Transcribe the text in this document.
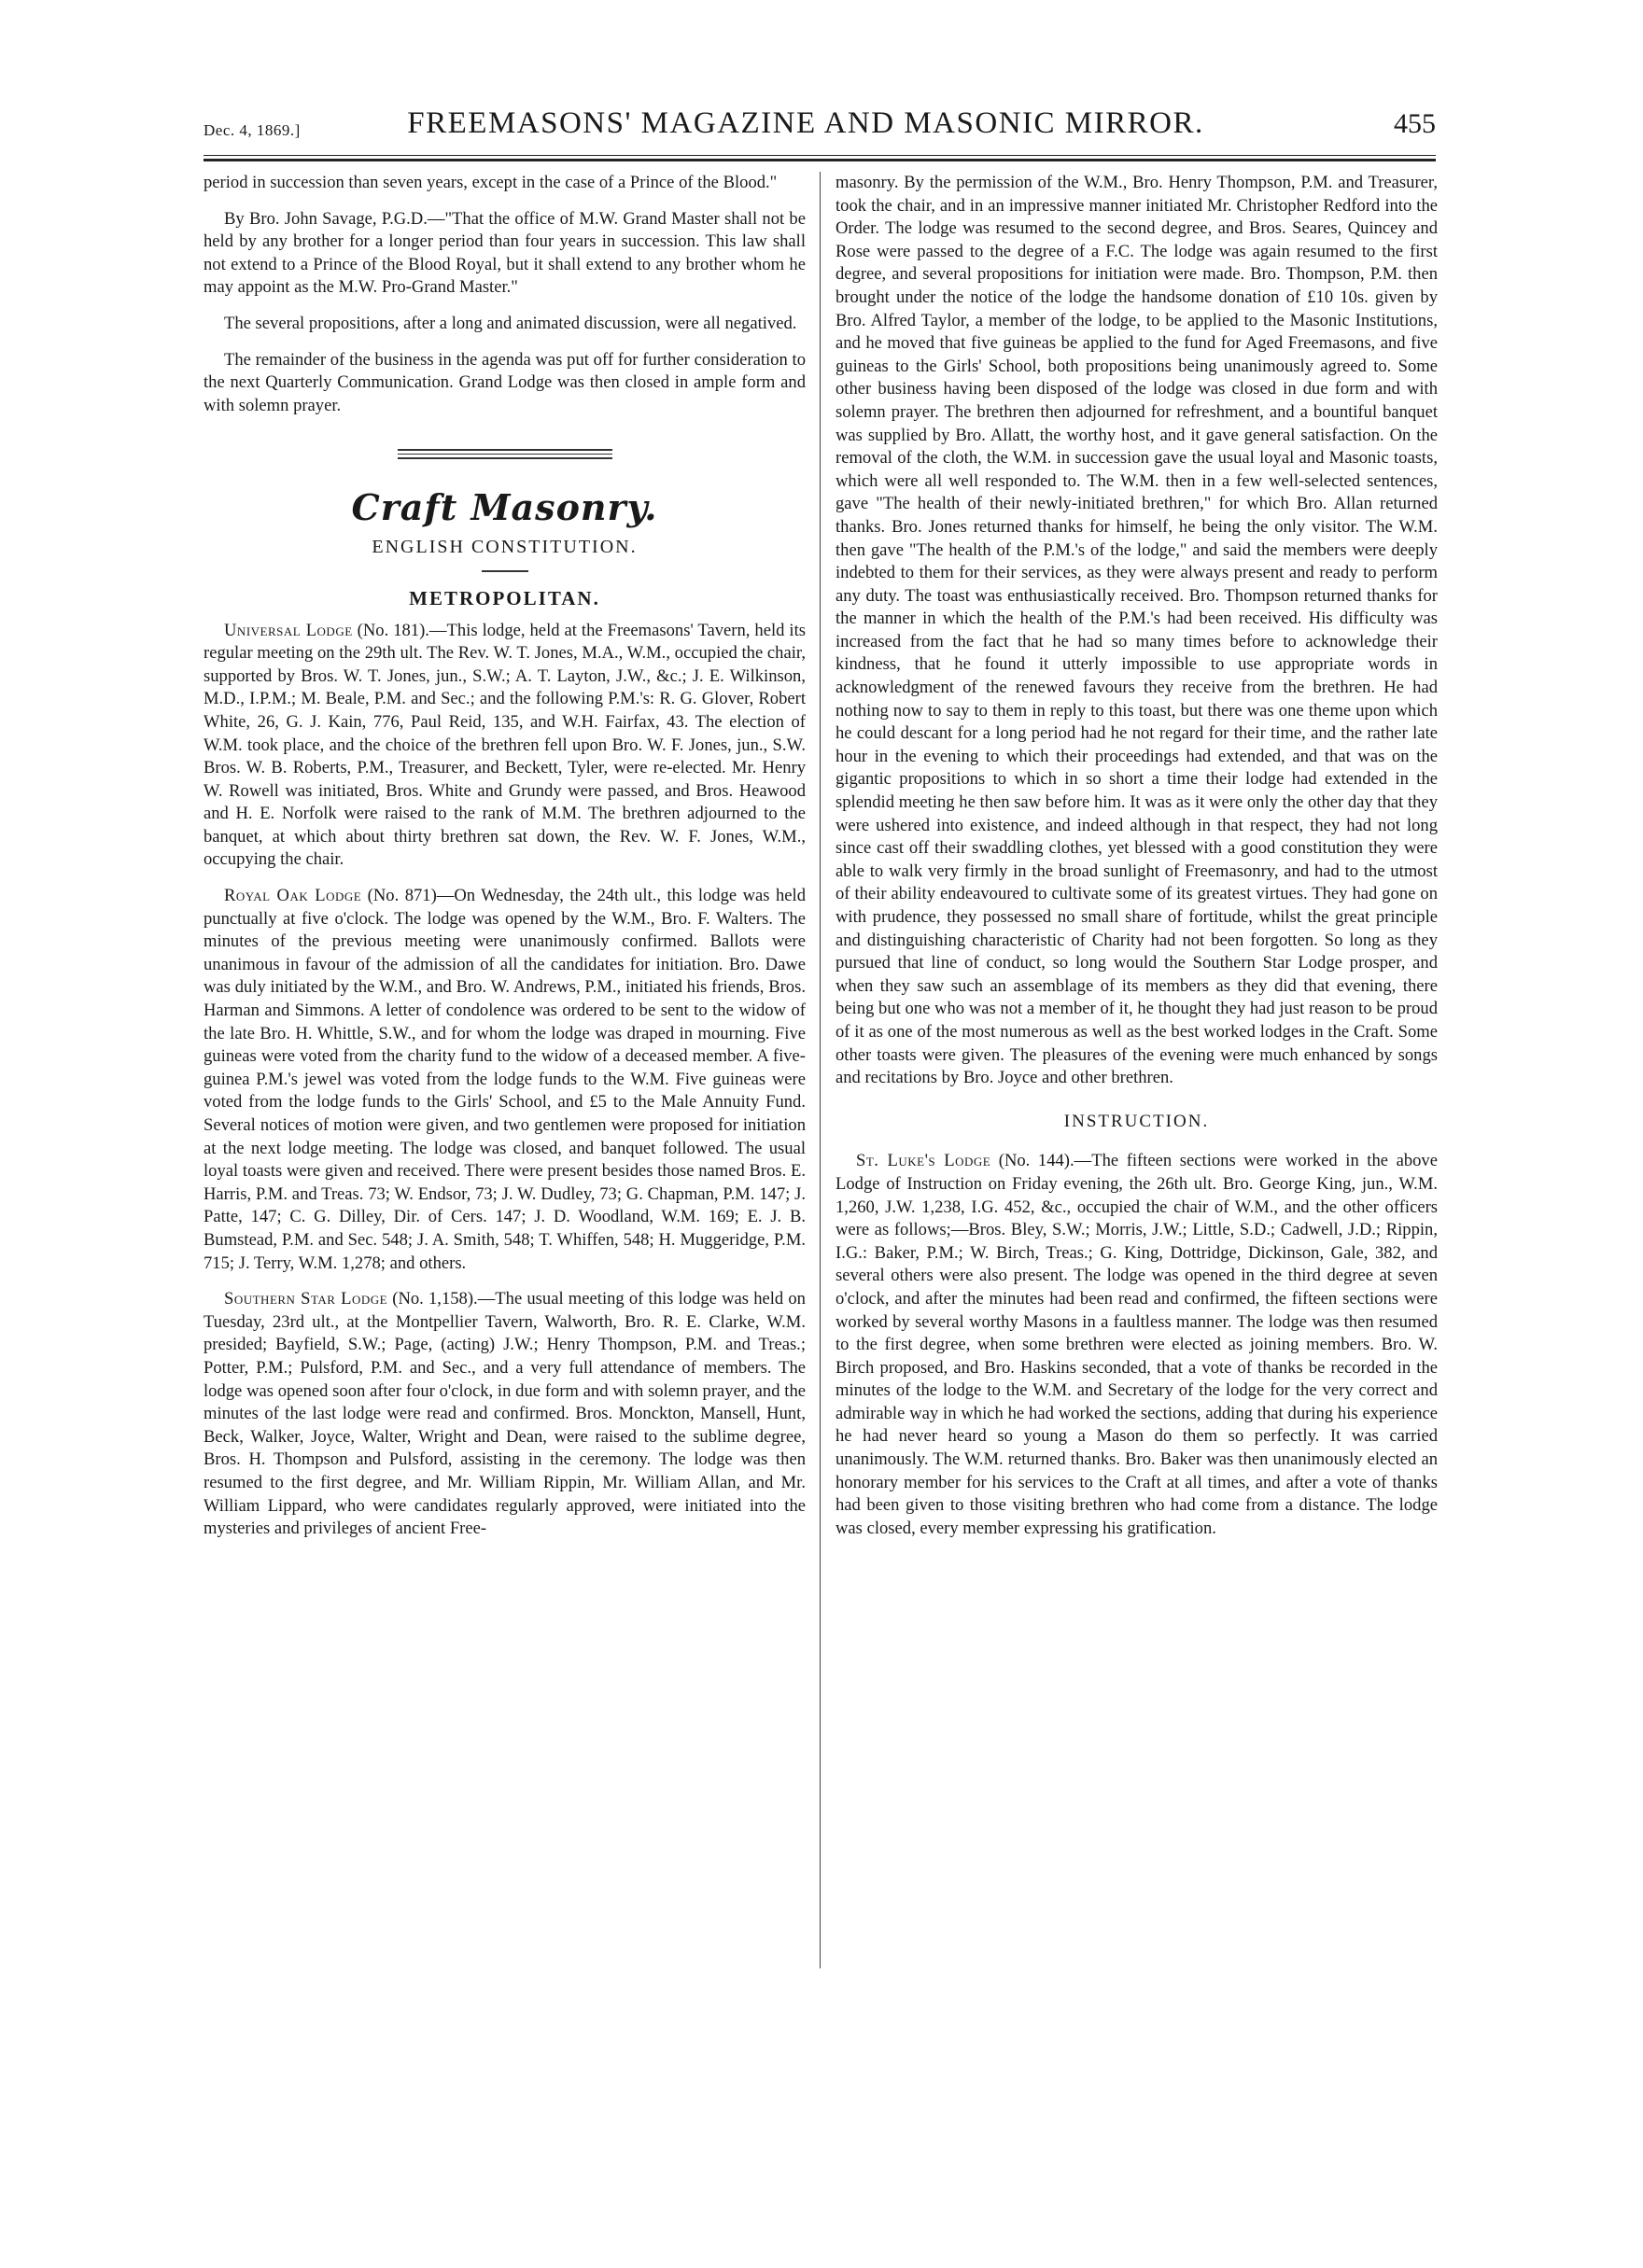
Dec. 4, 1869.]	FREEMASONS' MAGAZINE AND MASONIC MIRROR.	455

period in succession than seven years, except in the case of a Prince of the Blood."

By Bro. John Savage, P.G.D.—"That the office of M.W. Grand Master shall not be held by any brother for a longer period than four years in succession. This law shall not extend to a Prince of the Blood Royal, but it shall extend to any brother whom he may appoint as the M.W. Pro-Grand Master."

The several propositions, after a long and animated discussion, were all negatived.

The remainder of the business in the agenda was put off for further consideration to the next Quarterly Communication. Grand Lodge was then closed in ample form and with solemn prayer.

Craft Masonry.
ENGLISH CONSTITUTION.
METROPOLITAN.

Universal Lodge (No. 181).—This lodge, held at the Freemasons' Tavern, held its regular meeting on the 29th ult. The Rev. W. T. Jones, M.A., W.M., occupied the chair, supported by Bros. W. T. Jones, jun., S.W.; A. T. Layton, J.W., &c.; J. E. Wilkinson, M.D., I.P.M.; M. Beale, P.M. and Sec.; and the following P.M.'s: R. G. Glover, Robert White, 26, G. J. Kain, 776, Paul Reid, 135, and W.H. Fairfax, 43. The election of W.M. took place, and the choice of the brethren fell upon Bro. W. F. Jones, jun., S.W. Bros. W. B. Roberts, P.M., Treasurer, and Beckett, Tyler, were re-elected. Mr. Henry W. Rowell was initiated, Bros. White and Grundy were passed, and Bros. Heawood and H. E. Norfolk were raised to the rank of M.M. The brethren adjourned to the banquet, at which about thirty brethren sat down, the Rev. W. F. Jones, W.M., occupying the chair.

Royal Oak Lodge (No. 871)—On Wednesday, the 24th ult., this lodge was held punctually at five o'clock. The lodge was opened by the W.M., Bro. F. Walters. The minutes of the previous meeting were unanimously confirmed. Ballots were unanimous in favour of the admission of all the candidates for initiation. Bro. Dawe was duly initiated by the W.M., and Bro. W. Andrews, P.M., initiated his friends, Bros. Harman and Simmons. A letter of condolence was ordered to be sent to the widow of the late Bro. H. Whittle, S.W., and for whom the lodge was draped in mourning. Five guineas were voted from the charity fund to the widow of a deceased member. A five-guinea P.M.'s jewel was voted from the lodge funds to the W.M. Five guineas were voted from the lodge funds to the Girls' School, and £5 to the Male Annuity Fund. Several notices of motion were given, and two gentlemen were proposed for initiation at the next lodge meeting. The lodge was closed, and banquet followed. The usual loyal toasts were given and received. There were present besides those named Bros. E. Harris, P.M. and Treas. 73; W. Endsor, 73; J. W. Dudley, 73; G. Chapman, P.M. 147; J. Patte, 147; C. G. Dilley, Dir. of Cers. 147; J. D. Woodland, W.M. 169; E. J. B. Bumstead, P.M. and Sec. 548; J. A. Smith, 548; T. Whiffen, 548; H. Muggeridge, P.M. 715; J. Terry, W.M. 1,278; and others.

Southern Star Lodge (No. 1,158).—The usual meeting of this lodge was held on Tuesday, 23rd ult., at the Montpellier Tavern, Walworth, Bro. R. E. Clarke, W.M. presided; Bayfield, S.W.; Page, (acting) J.W.; Henry Thompson, P.M. and Treas.; Potter, P.M.; Pulsford, P.M. and Sec., and a very full attendance of members. The lodge was opened soon after four o'clock, in due form and with solemn prayer, and the minutes of the last lodge were read and confirmed. Bros. Monckton, Mansell, Hunt, Beck, Walker, Joyce, Walter, Wright and Dean, were raised to the sublime degree, Bros. H. Thompson and Pulsford, assisting in the ceremony. The lodge was then resumed to the first degree, and Mr. William Rippin, Mr. William Allan, and Mr. William Lippard, who were candidates regularly approved, were initiated into the mysteries and privileges of ancient Free-

masonry. By the permission of the W.M., Bro. Henry Thompson, P.M. and Treasurer, took the chair, and in an impressive manner initiated Mr. Christopher Redford into the Order. The lodge was resumed to the second degree, and Bros. Seares, Quincey and Rose were passed to the degree of a F.C. The lodge was again resumed to the first degree, and several propositions for initiation were made. Bro. Thompson, P.M. then brought under the notice of the lodge the handsome donation of £10 10s. given by Bro. Alfred Taylor, a member of the lodge, to be applied to the Masonic Institutions, and he moved that five guineas be applied to the fund for Aged Freemasons, and five guineas to the Girls' School, both propositions being unanimously agreed to. Some other business having been disposed of the lodge was closed in due form and with solemn prayer. The brethren then adjourned for refreshment, and a bountiful banquet was supplied by Bro. Allatt, the worthy host, and it gave general satisfaction. On the removal of the cloth, the W.M. in succession gave the usual loyal and Masonic toasts, which were all well responded to. The W.M. then in a few well-selected sentences, gave "The health of their newly-initiated brethren," for which Bro. Allan returned thanks. Bro. Jones returned thanks for himself, he being the only visitor. The W.M. then gave "The health of the P.M.'s of the lodge," and said the members were deeply indebted to them for their services, as they were always present and ready to perform any duty. The toast was enthusiastically received. Bro. Thompson returned thanks for the manner in which the health of the P.M.'s had been received. His difficulty was increased from the fact that he had so many times before to acknowledge their kindness, that he found it utterly impossible to use appropriate words in acknowledgment of the renewed favours they receive from the brethren. He had nothing now to say to them in reply to this toast, but there was one theme upon which he could descant for a long period had he not regard for their time, and the rather late hour in the evening to which their proceedings had extended, and that was on the gigantic propositions to which in so short a time their lodge had extended in the splendid meeting he then saw before him. It was as it were only the other day that they were ushered into existence, and indeed although in that respect, they had not long since cast off their swaddling clothes, yet blessed with a good constitution they were able to walk very firmly in the broad sunlight of Freemasonry, and had to the utmost of their ability endeavoured to cultivate some of its greatest virtues. They had gone on with prudence, they possessed no small share of fortitude, whilst the great principle and distinguishing characteristic of Charity had not been forgotten. So long as they pursued that line of conduct, so long would the Southern Star Lodge prosper, and when they saw such an assemblage of its members as they did that evening, there being but one who was not a member of it, he thought they had just reason to be proud of it as one of the most numerous as well as the best worked lodges in the Craft. Some other toasts were given. The pleasures of the evening were much enhanced by songs and recitations by Bro. Joyce and other brethren.

INSTRUCTION.

St. Luke's Lodge (No. 144).—The fifteen sections were worked in the above Lodge of Instruction on Friday evening, the 26th ult. Bro. George King, jun., W.M. 1,260, J.W. 1,238, I.G. 452, &c., occupied the chair of W.M., and the other officers were as follows;—Bros. Bley, S.W.; Morris, J.W.; Little, S.D.; Cadwell, J.D.; Rippin, I.G.: Baker, P.M.; W. Birch, Treas.; G. King, Dottridge, Dickinson, Gale, 382, and several others were also present. The lodge was opened in the third degree at seven o'clock, and after the minutes had been read and confirmed, the fifteen sections were worked by several worthy Masons in a faultless manner. The lodge was then resumed to the first degree, when some brethren were elected as joining members. Bro. W. Birch proposed, and Bro. Haskins seconded, that a vote of thanks be recorded in the minutes of the lodge to the W.M. and Secretary of the lodge for the very correct and admirable way in which he had worked the sections, adding that during his experience he had never heard so young a Mason do them so perfectly. It was carried unanimously. The W.M. returned thanks. Bro. Baker was then unanimously elected an honorary member for his services to the Craft at all times, and after a vote of thanks had been given to those visiting brethren who had come from a distance. The lodge was closed, every member expressing his gratification.
